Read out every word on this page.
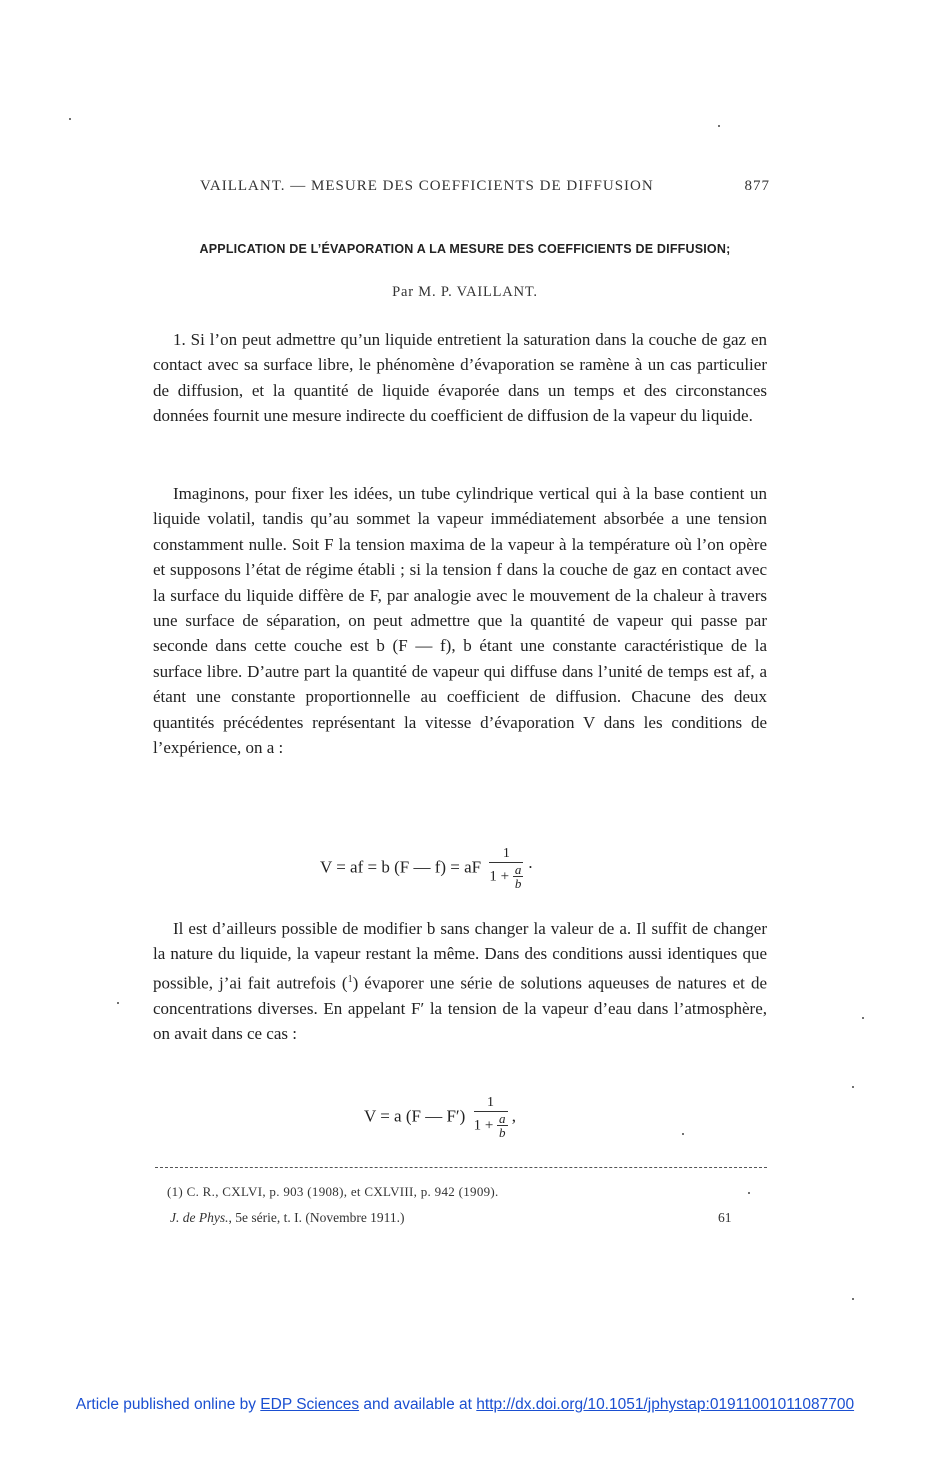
VAILLANT. — MESURE DES COEFFICIENTS DE DIFFUSION	877
APPLICATION DE L’ÉVAPORATION A LA MESURE DES COEFFICIENTS DE DIFFUSION;
Par M. P. VAILLANT.

1. Si l’on peut admettre qu’un liquide entretient la saturation dans la couche de gaz en contact avec sa surface libre, le phénomène d’évaporation se ramène à un cas particulier de diffusion, et la quantité de liquide évaporée dans un temps et des circonstances données fournit une mesure indirecte du coefficient de diffusion de la vapeur du liquide.

Imaginons, pour fixer les idées, un tube cylindrique vertical qui à la base contient un liquide volatil, tandis qu’au sommet la vapeur immédiatement absorbée a une tension constamment nulle. Soit F la tension maxima de la vapeur à la température où l’on opère et supposons l’état de régime établi ; si la tension f dans la couche de gaz en contact avec la surface du liquide diffère de F, par analogie avec le mouvement de la chaleur à travers une surface de séparation, on peut admettre que la quantité de vapeur qui passe par seconde dans cette couche est b (F — f), b étant une constante caractéristique de la surface libre. D’autre part la quantité de vapeur qui diffuse dans l’unité de temps est af, a étant une constante proportionnelle au coefficient de diffusion. Chacune des deux quantités précédentes représentant la vitesse d’évaporation V dans les conditions de l’expérience, on a :

V = af = b (F — f) = aF $\frac{1}{1 + \frac{a}{b}}$ ·

Il est d’ailleurs possible de modifier b sans changer la valeur de a. Il suffit de changer la nature du liquide, la vapeur restant la même. Dans des conditions aussi identiques que possible, j’ai fait autrefois ($^1$) évaporer une série de solutions aqueuses de natures et de concentrations diverses. En appelant F′ la tension de la vapeur d’eau dans l’atmosphère, on avait dans ce cas :

V = a (F — $F') \frac{1}{1 + \frac{a}{b}}$ ,
(1) C. R., CXLVI, p. 903 (1908), et CXLVIII, p. 942 (1909).
J. de Phys., 5e série, t. I. (Novembre 1911.)	61
Article published online by EDP Sciences and available at http://dx.doi.org/10.1051/jphystap:01911001011087700
